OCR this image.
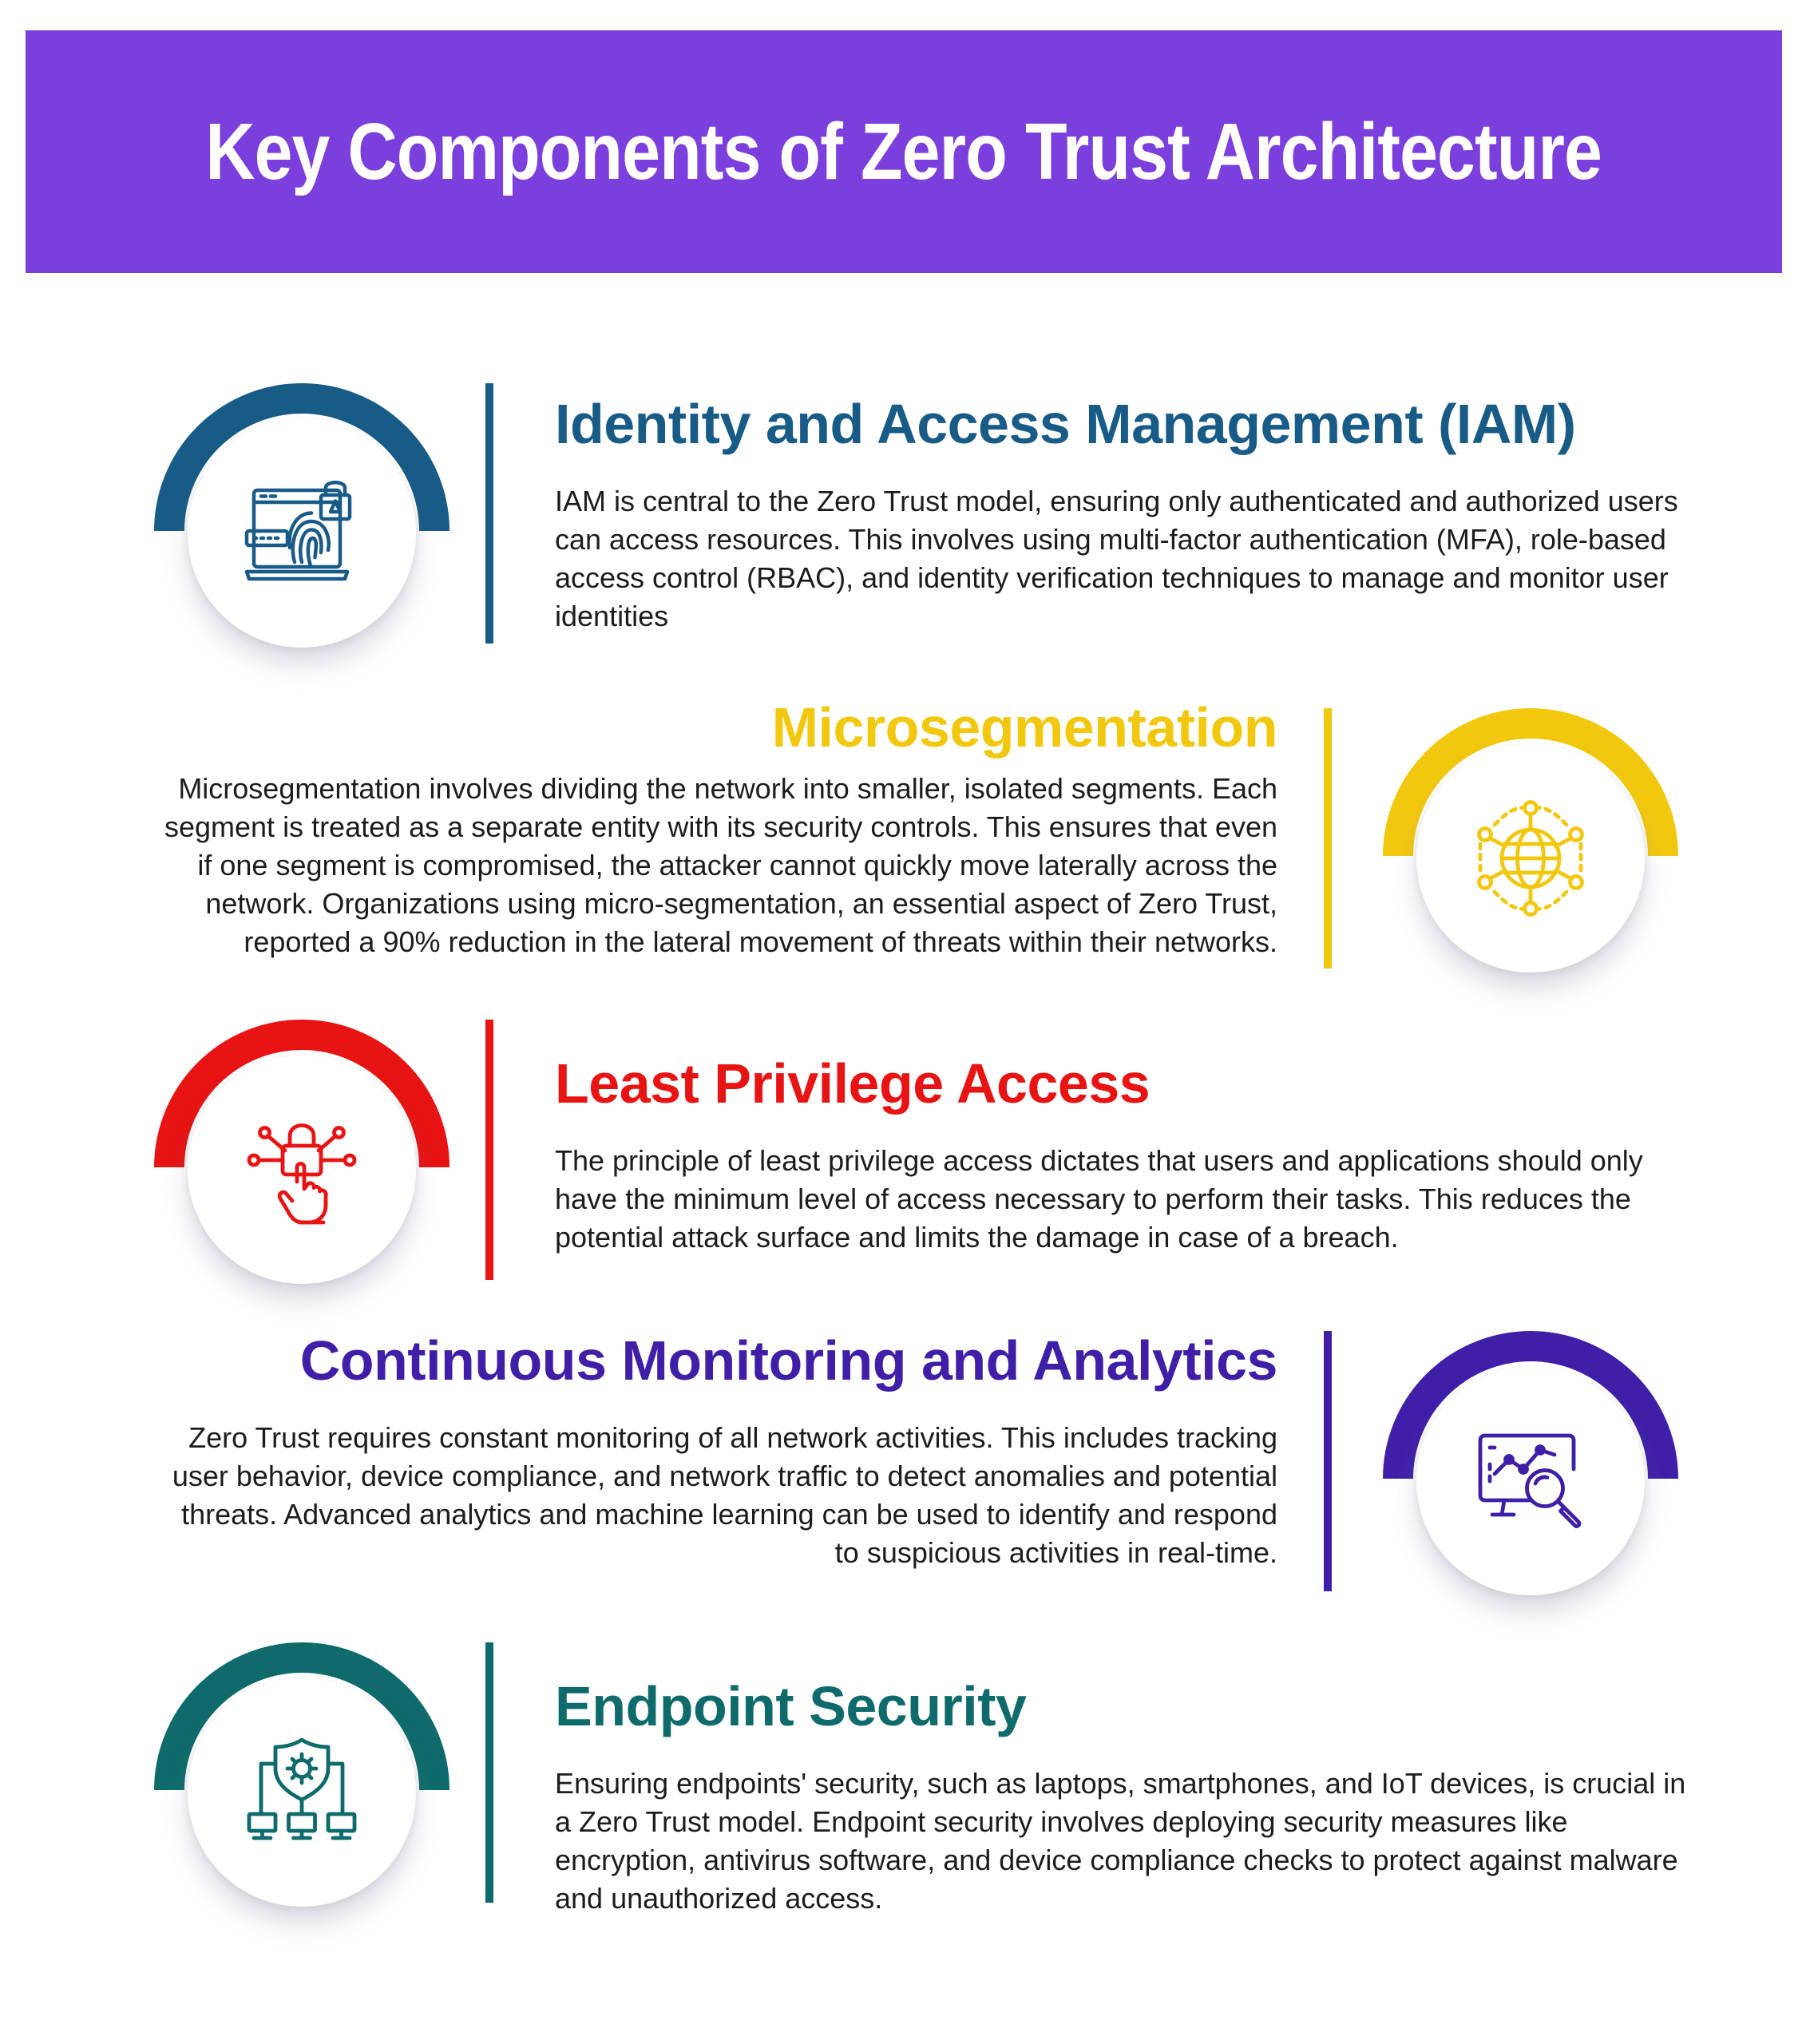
Key Components of Zero Trust Architecture
Identity and Access Management (IAM)

IAM is central to the Zero Trust model, ensuring only authenticated and authorized users can access resources. This involves using multi-factor authentication (MFA), role-based access control (RBAC), and identity verification techniques to manage and monitor user identities

Microsegmentation

Microsegmentation involves dividing the network into smaller, isolated segments. Each segment is treated as a separate entity with its security controls. This ensures that even if one segment is compromised, the attacker cannot quickly move laterally across the network. Organizations using micro-segmentation, an essential aspect of Zero Trust, reported a 90% reduction in the lateral movement of threats within their networks.

Least Privilege Access

The principle of least privilege access dictates that users and applications should only have the minimum level of access necessary to perform their tasks. This reduces the potential attack surface and limits the damage in case of a breach.

Continuous Monitoring and Analytics

Zero Trust requires constant monitoring of all network activities. This includes tracking user behavior, device compliance, and network traffic to detect anomalies and potential threats. Advanced analytics and machine learning can be used to identify and respond to suspicious activities in real-time.

Endpoint Security

Ensuring endpoints' security, such as laptops, smartphones, and IoT devices, is crucial in a Zero Trust model. Endpoint security involves deploying security measures like encryption, antivirus software, and device compliance checks to protect against malware and unauthorized access.
